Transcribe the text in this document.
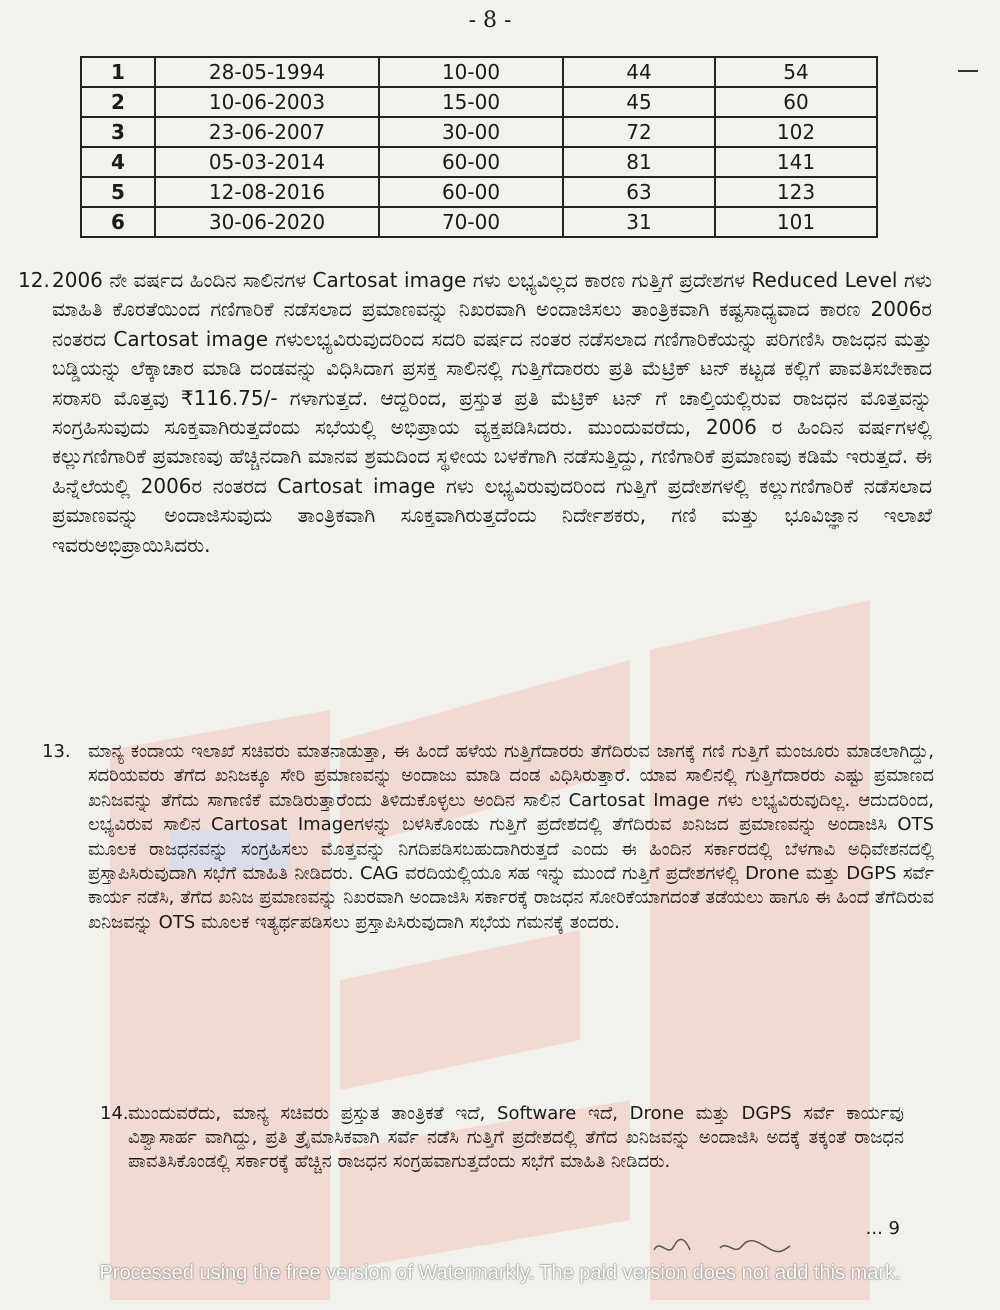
- 8 -
1	28-05-1994	10-00	44	54
2	10-06-2003	15-00	45	60
3	23-06-2007	30-00	72	102
4	05-03-2014	60-00	81	141
5	12-08-2016	60-00	63	123
6	30-06-2020	70-00	31	101
12. 2006 ನೇ ವರ್ಷದ ಹಿಂದಿನ ಸಾಲಿನಗಳ Cartosat image ಗಳು ಲಭ್ಯವಿಲ್ಲದ ಕಾರಣ ಗುತ್ತಿಗೆ ಪ್ರದೇಶಗಳ Reduced Level ಗಳು ಮಾಹಿತಿ ಕೊರತೆಯಿಂದ ಗಣಿಗಾರಿಕೆ ನಡೆಸಲಾದ ಪ್ರಮಾಣವನ್ನು ನಿಖರವಾಗಿ ಅಂದಾಜಿಸಲು ತಾಂತ್ರಿಕವಾಗಿ ಕಷ್ಟಸಾಧ್ಯವಾದ ಕಾರಣ 2006ರ ನಂತರದ Cartosat image ಗಳುಲಭ್ಯವಿರುವುದರಿಂದ ಸದರಿ ವರ್ಷದ ನಂತರ ನಡೆಸಲಾದ ಗಣಿಗಾರಿಕೆಯನ್ನು ಪರಿಗಣಿಸಿ ರಾಜಧನ ಮತ್ತು ಬಡ್ಡಿಯನ್ನು ಲೆಕ್ಕಾಚಾರ ಮಾಡಿ ದಂಡವನ್ನು ವಿಧಿಸಿದಾಗ ಪ್ರಸಕ್ತ ಸಾಲಿನಲ್ಲಿ ಗುತ್ತಿಗೆದಾರರು ಪ್ರತಿ ಮೆಟ್ರಿಕ್ ಟನ್ ಕಟ್ಟಡ ಕಲ್ಲಿಗೆ ಪಾವತಿಸಬೇಕಾದ ಸರಾಸರಿ ಮೊತ್ತವು ₹116.75/- ಗಳಾಗುತ್ತದೆ. ಆದ್ದರಿಂದ, ಪ್ರಸ್ತುತ ಪ್ರತಿ ಮೆಟ್ರಿಕ್ ಟನ್ ಗೆ ಚಾಲ್ತಿಯಲ್ಲಿರುವ ರಾಜಧನ ಮೊತ್ತವನ್ನು ಸಂಗ್ರಹಿಸುವುದು ಸೂಕ್ತವಾಗಿರುತ್ತದೆಂದು ಸಭೆಯಲ್ಲಿ ಅಭಿಪ್ರಾಯ ವ್ಯಕ್ತಪಡಿಸಿದರು. ಮುಂದುವರೆದು, 2006 ರ ಹಿಂದಿನ ವರ್ಷಗಳಲ್ಲಿ ಕಲ್ಲುಗಣಿಗಾರಿಕೆ ಪ್ರಮಾಣವು ಹೆಚ್ಚಿನದಾಗಿ ಮಾನವ ಶ್ರಮದಿಂದ ಸ್ಥಳೀಯ ಬಳಕೆಗಾಗಿ ನಡೆಸುತ್ತಿದ್ದು, ಗಣಿಗಾರಿಕೆ ಪ್ರಮಾಣವು ಕಡಿಮೆ ಇರುತ್ತದೆ. ಈ ಹಿನ್ನೆಲೆಯಲ್ಲಿ 2006ರ ನಂತರದ Cartosat image ಗಳು ಲಭ್ಯವಿರುವುದರಿಂದ ಗುತ್ತಿಗೆ ಪ್ರದೇಶಗಳಲ್ಲಿ ಕಲ್ಲುಗಣಿಗಾರಿಕೆ ನಡೆಸಲಾದ ಪ್ರಮಾಣವನ್ನು ಅಂದಾಜಿಸುವುದು ತಾಂತ್ರಿಕವಾಗಿ ಸೂಕ್ತವಾಗಿರುತ್ತದೆಂದು ನಿರ್ದೇಶಕರು, ಗಣಿ ಮತ್ತು ಭೂವಿಜ್ಞಾನ ಇಲಾಖೆ ಇವರುಅಭಿಪ್ರಾಯಿಸಿದರು.
13. ಮಾನ್ಯ ಕಂದಾಯ ಇಲಾಖೆ ಸಚಿವರು ಮಾತನಾಡುತ್ತಾ, ಈ ಹಿಂದೆ ಹಳೆಯ ಗುತ್ತಿಗೆದಾರರು ತೆಗೆದಿರುವ ಜಾಗಕ್ಕೆ ಗಣಿ ಗುತ್ತಿಗೆ ಮಂಜೂರು ಮಾಡಲಾಗಿದ್ದು, ಸದರಿಯವರು ತೆಗೆದ ಖನಿಜಕ್ಕೂ ಸೇರಿ ಪ್ರಮಾಣವನ್ನು ಅಂದಾಜು ಮಾಡಿ ದಂಡ ವಿಧಿಸಿರುತ್ತಾರೆ. ಯಾವ ಸಾಲಿನಲ್ಲಿ ಗುತ್ತಿಗೆದಾರರು ಎಷ್ಟು ಪ್ರಮಾಣದ ಖನಿಜವನ್ನು ತೆಗೆದು ಸಾಗಾಣಿಕೆ ಮಾಡಿರುತ್ತಾರೆಂದು ತಿಳಿದುಕೊಳ್ಳಲು ಅಂದಿನ ಸಾಲಿನ Cartosat Image ಗಳು ಲಭ್ಯವಿರುವುದಿಲ್ಲ. ಆದುದರಿಂದ, ಲಭ್ಯವಿರುವ ಸಾಲಿನ Cartosat Imageಗಳನ್ನು ಬಳಸಿಕೊಂಡು ಗುತ್ತಿಗೆ ಪ್ರದೇಶದಲ್ಲಿ ತೆಗೆದಿರುವ ಖನಿಜದ ಪ್ರಮಾಣವನ್ನು ಅಂದಾಜಿಸಿ OTS ಮೂಲಕ ರಾಜಧನವನ್ನು ಸಂಗ್ರಹಿಸಲು ಮೊತ್ತವನ್ನು ನಿಗದಿಪಡಿಸಬಹುದಾಗಿರುತ್ತದೆ ಎಂದು ಈ ಹಿಂದಿನ ಸರ್ಕಾರದಲ್ಲಿ ಬೆಳಗಾವಿ ಅಧಿವೇಶನದಲ್ಲಿ ಪ್ರಸ್ತಾಪಿಸಿರುವುದಾಗಿ ಸಭೆಗೆ ಮಾಹಿತಿ ನೀಡಿದರು. CAG ವರದಿಯಲ್ಲಿಯೂ ಸಹ ಇನ್ನು ಮುಂದೆ ಗುತ್ತಿಗೆ ಪ್ರದೇಶಗಳಲ್ಲಿ Drone ಮತ್ತು DGPS ಸರ್ವೆ ಕಾರ್ಯ ನಡೆಸಿ, ತೆಗೆದ ಖನಿಜ ಪ್ರಮಾಣವನ್ನು ನಿಖರವಾಗಿ ಅಂದಾಜಿಸಿ ಸರ್ಕಾರಕ್ಕೆ ರಾಜಧನ ಸೋರಿಕೆಯಾಗದಂತೆ ತಡೆಯಲು ಹಾಗೂ ಈ ಹಿಂದೆ ತೆಗೆದಿರುವ ಖನಿಜವನ್ನು OTS ಮೂಲಕ ಇತ್ಯರ್ಥಪಡಿಸಲು ಪ್ರಸ್ತಾಪಿಸಿರುವುದಾಗಿ ಸಭೆಯ ಗಮನಕ್ಕೆ ತಂದರು.
14. ಮುಂದುವರೆದು, ಮಾನ್ಯ ಸಚಿವರು ಪ್ರಸ್ತುತ ತಾಂತ್ರಿಕತೆ ಇದೆ, Software ಇದೆ, Drone ಮತ್ತು DGPS ಸರ್ವೆ ಕಾರ್ಯವು ವಿಶ್ವಾಸಾರ್ಹ ವಾಗಿದ್ದು, ಪ್ರತಿ ತ್ರೈಮಾಸಿಕವಾಗಿ ಸರ್ವೆ ನಡೆಸಿ ಗುತ್ತಿಗೆ ಪ್ರದೇಶದಲ್ಲಿ ತೆಗೆದ ಖನಿಜವನ್ನು ಅಂದಾಜಿಸಿ ಅದಕ್ಕೆ ತಕ್ಕಂತೆ ರಾಜಧನ ಪಾವತಿಸಿಕೊಂಡಲ್ಲಿ ಸರ್ಕಾರಕ್ಕೆ ಹೆಚ್ಚಿನ ರಾಜಧನ ಸಂಗ್ರಹವಾಗುತ್ತದೆಂದು ಸಭೆಗೆ ಮಾಹಿತಿ ನೀಡಿದರು.
... 9
Processed using the free version of Watermarkly. The paid version does not add this mark.
